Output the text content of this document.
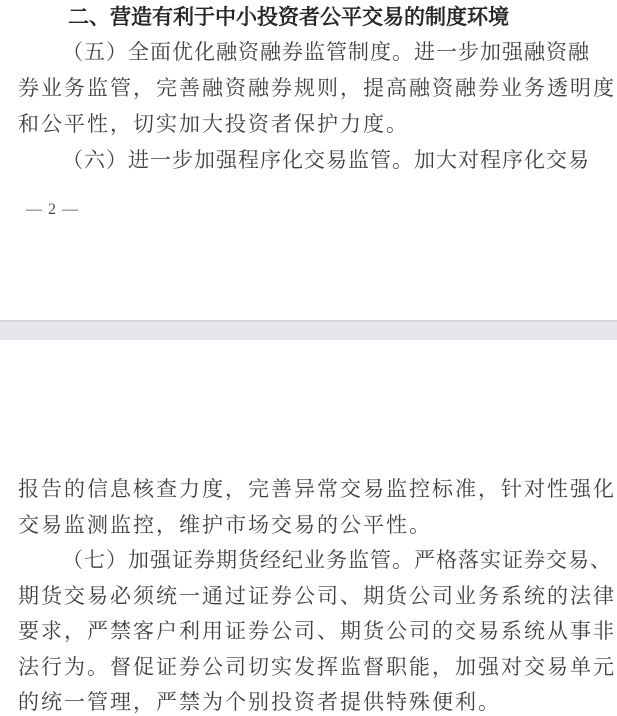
二、营造有利于中小投资者公平交易的制度环境
（五）全面优化融资融券监管制度。进一步加强融资融
券业务监管，完善融资融券规则，提高融资融券业务透明度
和公平性，切实加大投资者保护力度。
（六）进一步加强程序化交易监管。加大对程序化交易
— 2 —
报告的信息核查力度，完善异常交易监控标准，针对性强化
交易监测监控，维护市场交易的公平性。
（七）加强证券期货经纪业务监管。严格落实证券交易、
期货交易必须统一通过证券公司、期货公司业务系统的法律
要求，严禁客户利用证券公司、期货公司的交易系统从事非
法行为。督促证券公司切实发挥监督职能，加强对交易单元
的统一管理，严禁为个别投资者提供特殊便利。
